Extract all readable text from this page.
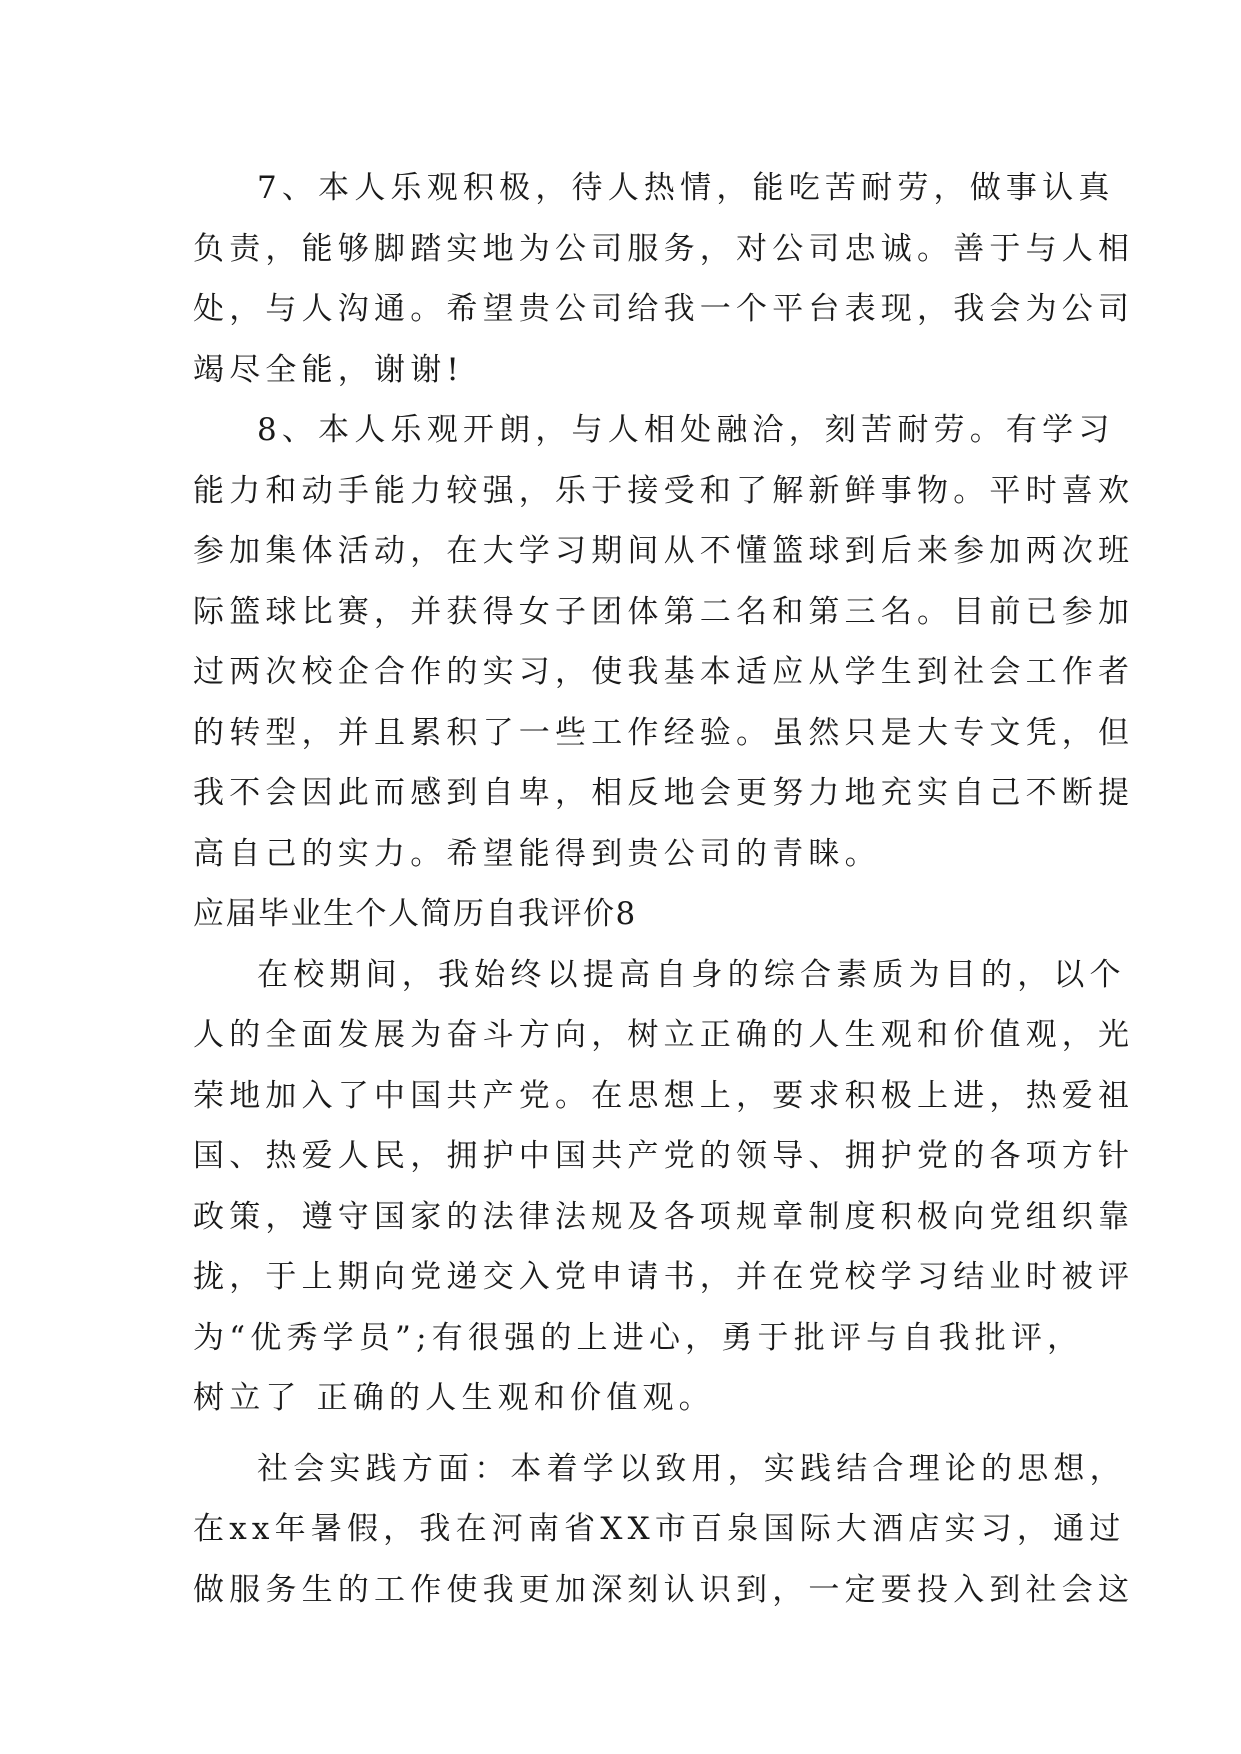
7、本人乐观积极，待人热情，能吃苦耐劳，做事认真
负责，能够脚踏实地为公司服务，对公司忠诚。善于与人相
处，与人沟通。希望贵公司给我一个平台表现，我会为公司
竭尽全能，谢谢!

8、本人乐观开朗，与人相处融洽，刻苦耐劳。有学习
能力和动手能力较强，乐于接受和了解新鲜事物。平时喜欢
参加集体活动，在大学习期间从不懂篮球到后来参加两次班
际篮球比赛，并获得女子团体第二名和第三名。目前已参加
过两次校企合作的实习，使我基本适应从学生到社会工作者
的转型，并且累积了一些工作经验。虽然只是大专文凭，但
我不会因此而感到自卑，相反地会更努力地充实自己不断提
高自己的实力。希望能得到贵公司的青睐。

应届毕业生个人简历自我评价8

在校期间，我始终以提高自身的综合素质为目的，以个
人的全面发展为奋斗方向，树立正确的人生观和价值观，光
荣地加入了中国共产党。在思想上，要求积极上进，热爱祖
国、热爱人民，拥护中国共产党的领导、拥护党的各项方针
政策，遵守国家的法律法规及各项规章制度积极向党组织靠
拢，于上期向党递交入党申请书，并在党校学习结业时被评
为“优秀学员”;有很强的上进心，勇于批评与自我批评，
树立了 正确的人生观和价值观。

社会实践方面：本着学以致用，实践结合理论的思想，
在xx年暑假，我在河南省XX市百泉国际大酒店实习，通过
做服务生的工作使我更加深刻认识到，一定要投入到社会这
